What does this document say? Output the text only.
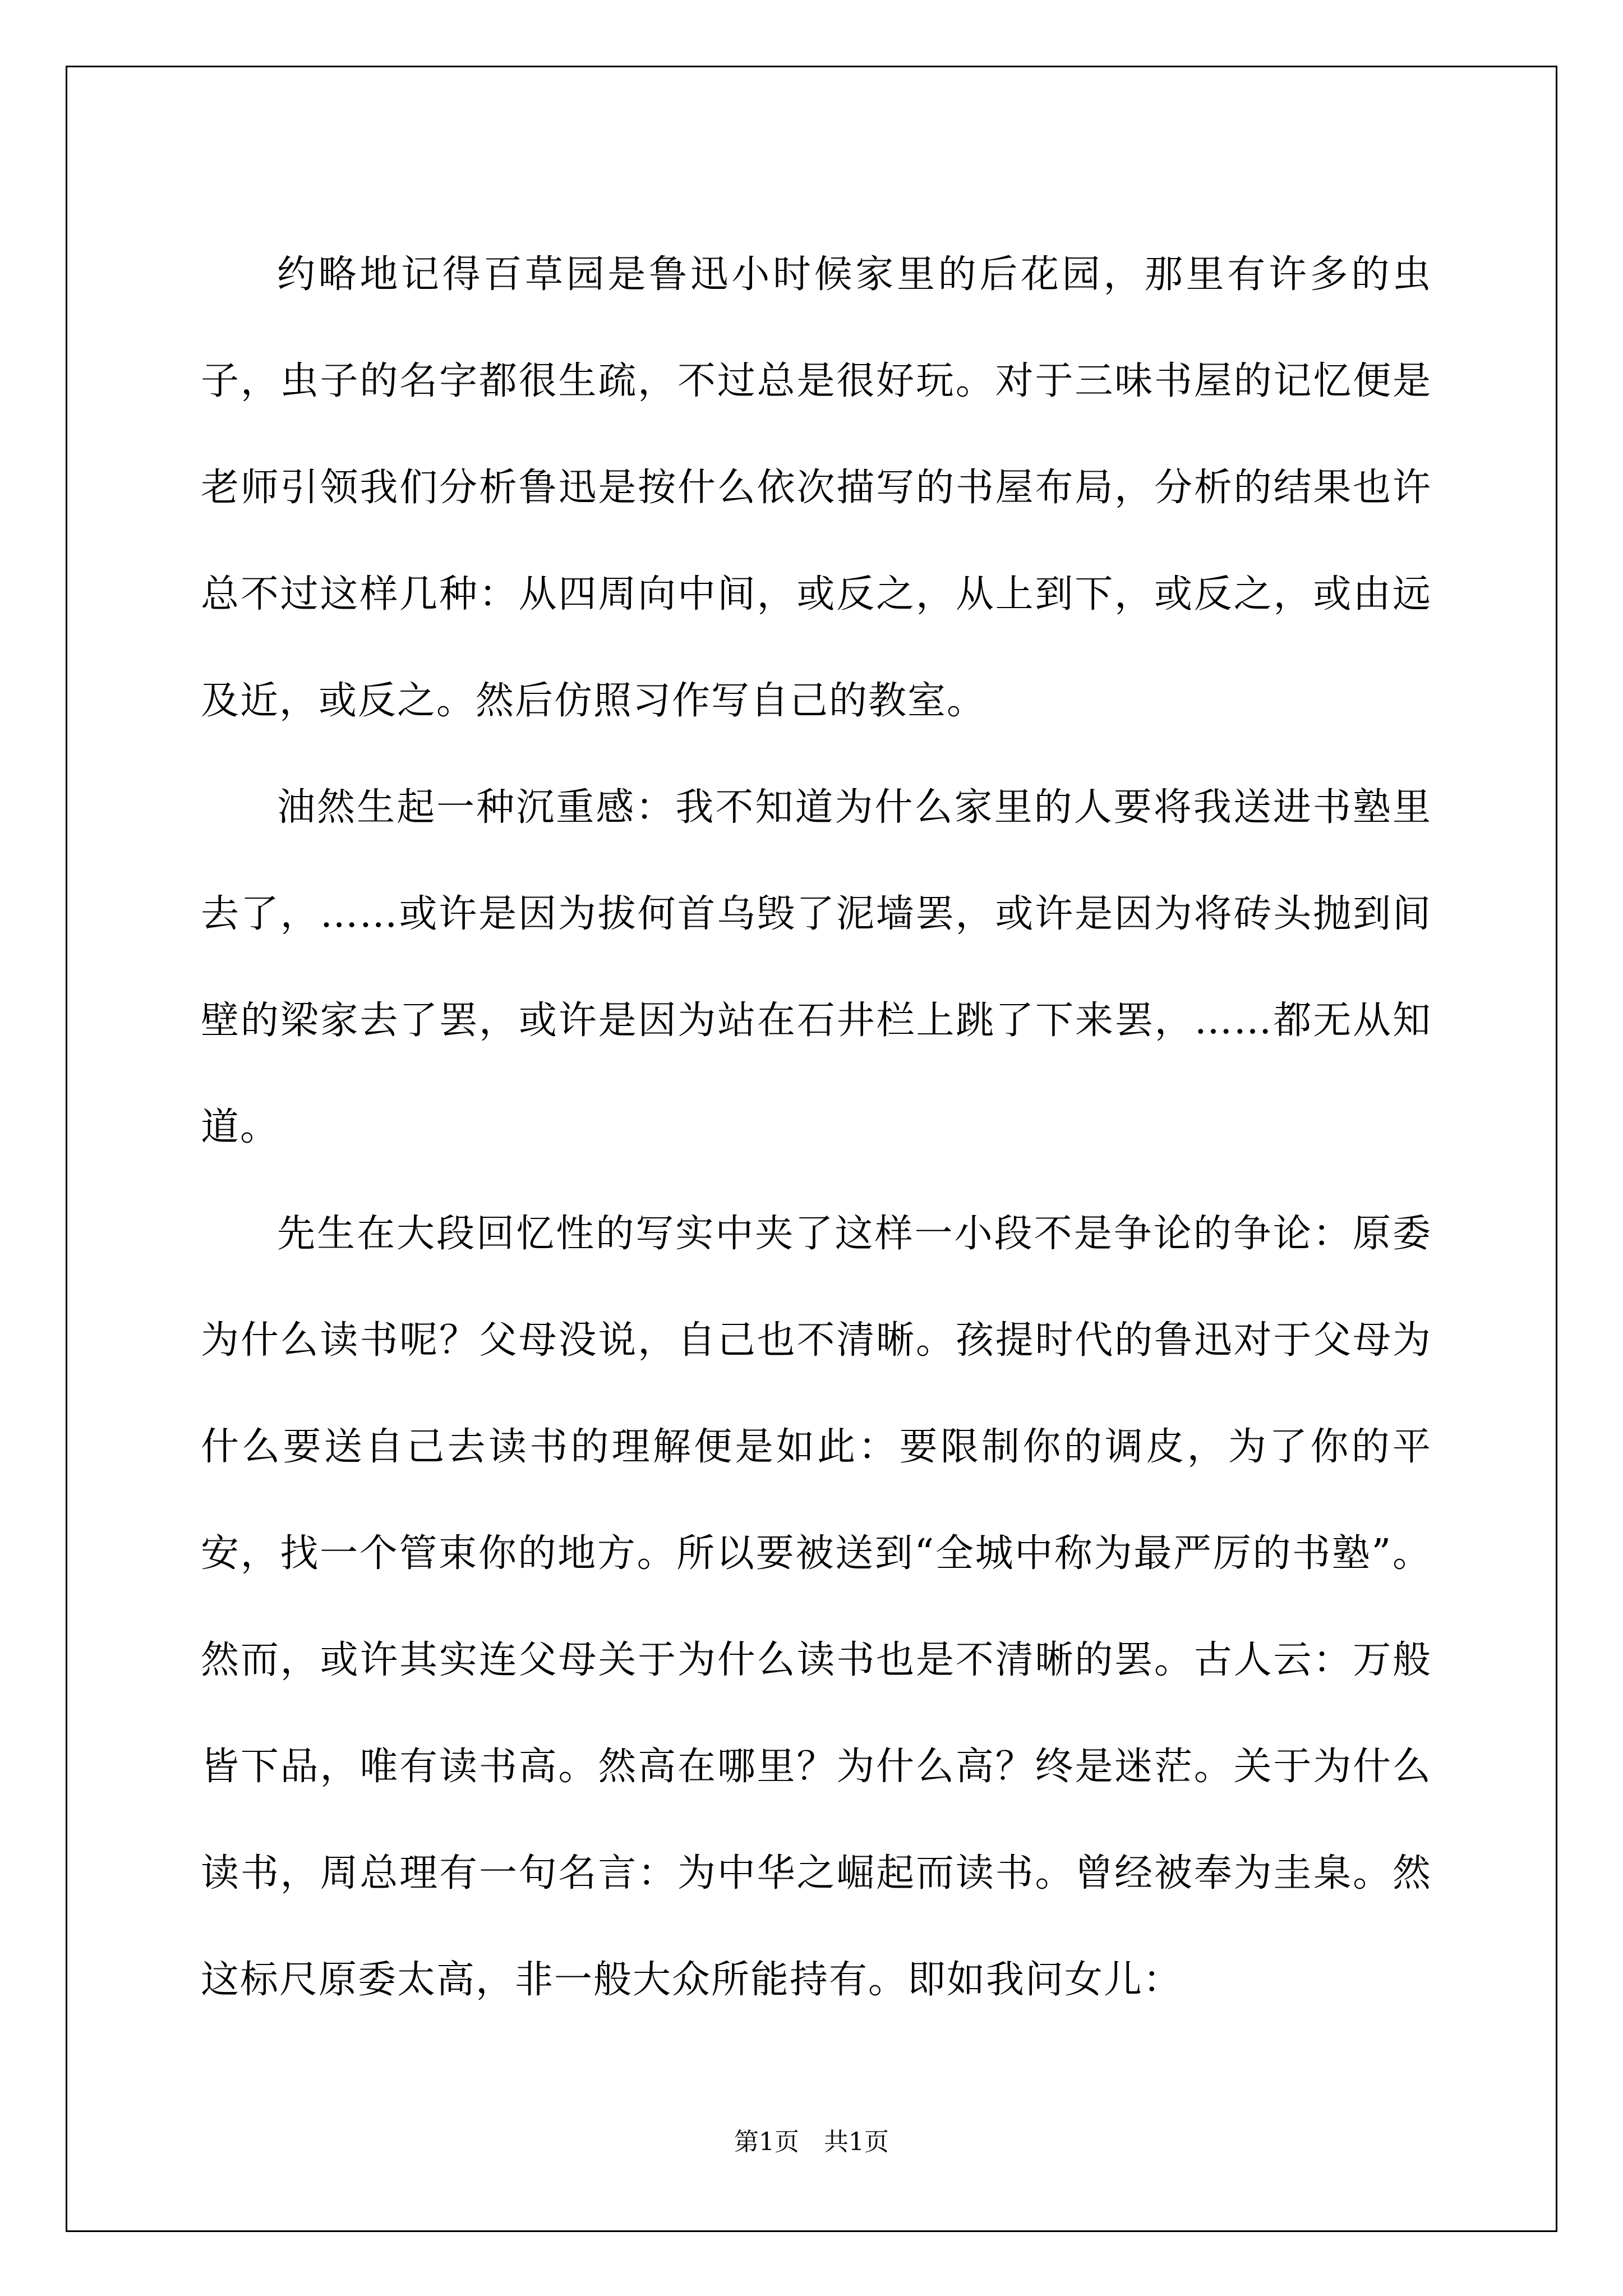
约略地记得百草园是鲁迅小时候家里的后花园，那里有许多的虫子，虫子的名字都很生疏，不过总是很好玩。对于三味书屋的记忆便是老师引领我们分析鲁迅是按什么依次描写的书屋布局，分析的结果也许总不过这样几种：从四周向中间，或反之，从上到下，或反之，或由远及近，或反之。然后仿照习作写自己的教室。

油然生起一种沉重感：我不知道为什么家里的人要将我送进书塾里去了，……或许是因为拔何首乌毁了泥墙罢，或许是因为将砖头抛到间壁的梁家去了罢，或许是因为站在石井栏上跳了下来罢，……都无从知道。

先生在大段回忆性的写实中夹了这样一小段不是争论的争论：原委为什么读书呢？父母没说，自己也不清晰。孩提时代的鲁迅对于父母为什么要送自己去读书的理解便是如此：要限制你的调皮，为了你的平安，找一个管束你的地方。所以要被送到“全城中称为最严厉的书塾”。然而，或许其实连父母关于为什么读书也是不清晰的罢。古人云：万般皆下品，唯有读书高。然高在哪里？为什么高？终是迷茫。关于为什么读书，周总理有一句名言：为中华之崛起而读书。曾经被奉为圭臬。然这标尺原委太高，非一般大众所能持有。即如我问女儿：

第1页　共1页
